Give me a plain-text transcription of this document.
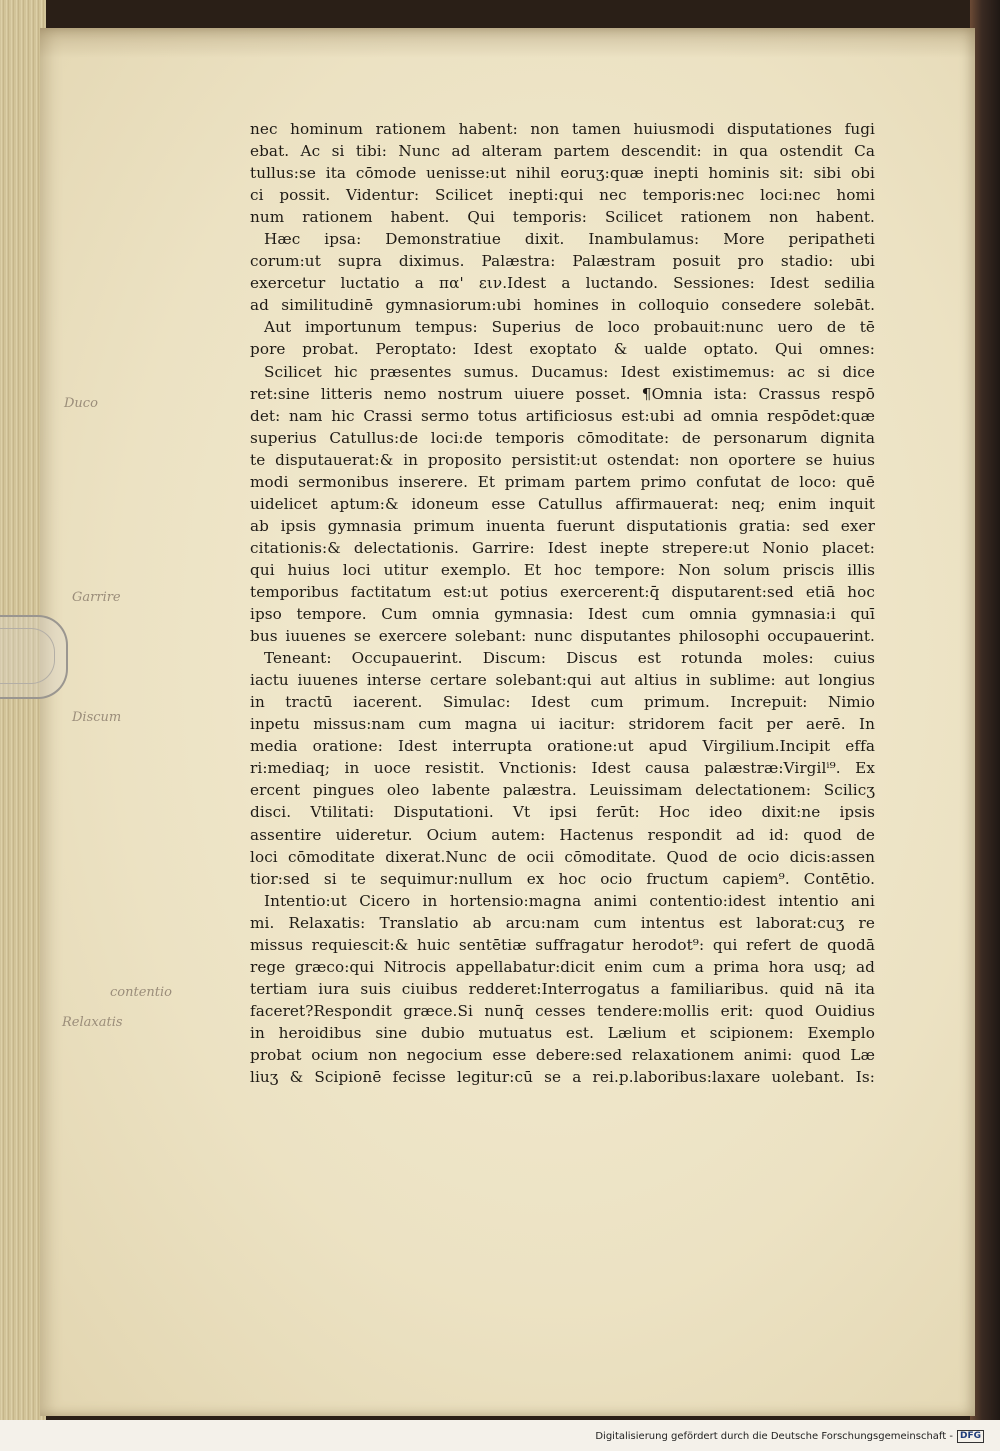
Duco
Garrire
Discum
contentio
Relaxatis
nec hominum rationem habent: non tamen huiusmodi disputationes fugi
ebat. Ac si tibi: Nunc ad alteram partem descendit: in qua ostendit Ca
tullus:se ita cōmode uenisse:ut nihil eoruʒ:quæ inepti hominis sit: sibi obi
ci possit. Videntur: Scilicet inepti:qui nec temporis:nec loci:nec homi
num rationem habent. Qui temporis: Scilicet rationem non habent.
Hæc ipsa: Demonstratiue dixit. Inambulamus: More peripatheti
corum:ut supra diximus. Palæstra: Palæstram posuit pro stadio: ubi
exercetur luctatio a πα' ειν.Idest a luctando. Sessiones: Idest sedilia
ad similitudinē gymnasiorum:ubi homines in colloquio consedere solebāt.
Aut importunum tempus: Superius de loco probauit:nunc uero de tē
pore probat. Peroptato: Idest exoptato & ualde optato. Qui omnes:
Scilicet hic præsentes sumus. Ducamus: Idest existimemus: ac si dice
ret:sine litteris nemo nostrum uiuere posset. ¶Omnia ista: Crassus respō
det: nam hic Crassi sermo totus artificiosus est:ubi ad omnia respōdet:quæ
superius Catullus:de loci:de temporis cōmoditate: de personarum dignita
te disputauerat:& in proposito persistit:ut ostendat: non oportere se huius
modi sermonibus inserere. Et primam partem primo confutat de loco: quē
uidelicet aptum:& idoneum esse Catullus affirmauerat: neq; enim inquit
ab ipsis gymnasia primum inuenta fuerunt disputationis gratia: sed exer
citationis:& delectationis. Garrire: Idest inepte strepere:ut Nonio placet:
qui huius loci utitur exemplo. Et hoc tempore: Non solum priscis illis
temporibus factitatum est:ut potius exercerent:q̄ disputarent:sed etiā hoc
ipso tempore. Cum omnia gymnasia: Idest cum omnia gymnasia:i quī
bus iuuenes se exercere solebant: nunc disputantes philosophi occupauerint.
Teneant: Occupauerint. Discum: Discus est rotunda moles: cuius
iactu iuuenes interse certare solebant:qui aut altius in sublime: aut longius
in tractū iacerent. Simulac: Idest cum primum. Increpuit: Nimio
inpetu missus:nam cum magna ui iacitur: stridorem facit per aerē. In
media oratione: Idest interrupta oratione:ut apud Virgilium.Incipit effa
ri:mediaq; in uoce resistit. Vnctionis: Idest causa palæstræ:Virgilⁱ⁹. Ex
ercent pingues oleo labente palæstra. Leuissimam delectationem: Scilicʒ
disci. Vtilitati: Disputationi. Vt ipsi ferūt: Hoc ideo dixit:ne ipsis
assentire uideretur. Ocium autem: Hactenus respondit ad id: quod de
loci cōmoditate dixerat.Nunc de ocii cōmoditate. Quod de ocio dicis:assen
tior:sed si te sequimur:nullum ex hoc ocio fructum capiem⁹. Contētio.
Intentio:ut Cicero in hortensio:magna animi contentio:idest intentio ani
mi. Relaxatis: Translatio ab arcu:nam cum intentus est laborat:cuʒ re
missus requiescit:& huic sentētiæ suffragatur herodot⁹: qui refert de quodā
rege græco:qui Nitrocis appellabatur:dicit enim cum a prima hora usq; ad
tertiam iura suis ciuibus redderet:Interrogatus a familiaribus. quid nā ita
faceret?Respondit græce.Si nunq̄ cesses tendere:mollis erit: quod Ouidius
in heroidibus sine dubio mutuatus est. Lælium et scipionem: Exemplo
probat ocium non negocium esse debere:sed relaxationem animi: quod Læ
liuʒ & Scipionē fecisse legitur:cū se a rei.p.laboribus:laxare uolebant. Is:
Digitalisierung gefördert durch die Deutsche Forschungsgemeinschaft - DFG
